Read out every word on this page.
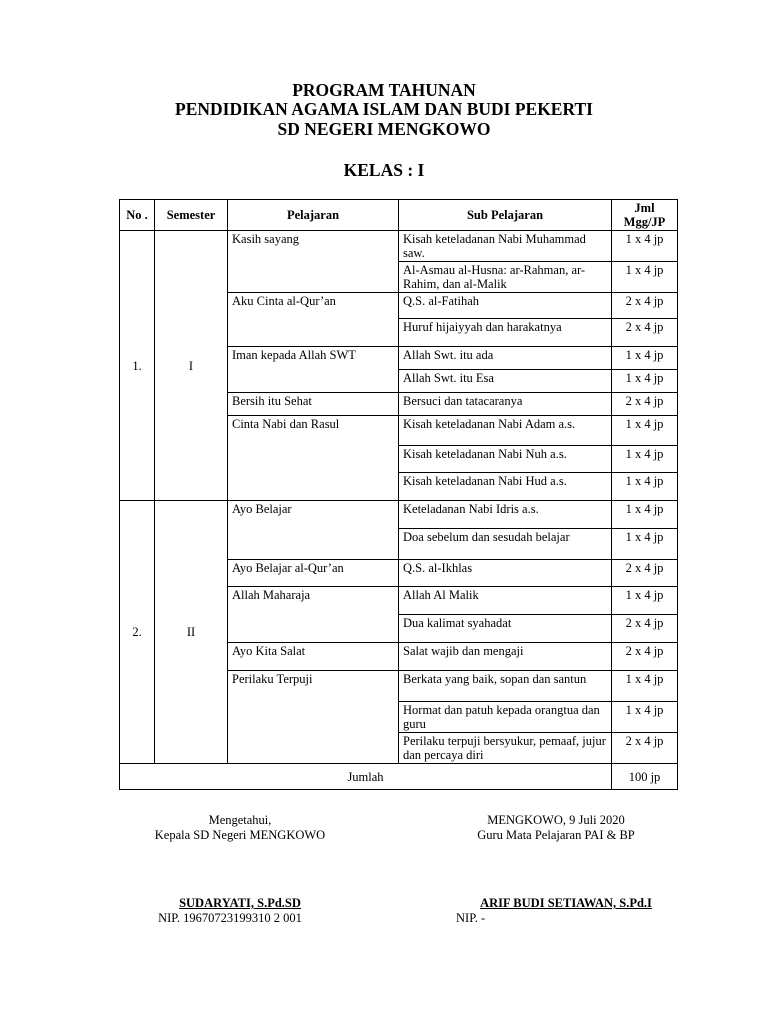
PROGRAM TAHUNAN
PENDIDIKAN AGAMA ISLAM DAN BUDI PEKERTI
SD NEGERI MENGKOWO
KELAS : I
No .	Semester	Pelajaran	Sub Pelajaran	Jml Mgg/JP
1.	I	Kasih sayang	Kisah keteladanan Nabi Muhammad saw.	1 x 4 jp
			Al-Asmau al-Husna: ar-Rahman, ar-Rahim, dan al-Malik	1 x 4 jp
		Aku Cinta al-Qur’an	Q.S. al-Fatihah	2 x 4 jp
			Huruf hijaiyyah dan harakatnya	2 x 4 jp
		Iman kepada Allah SWT	Allah Swt. itu ada	1 x 4 jp
			Allah Swt. itu Esa	1 x 4 jp
		Bersih itu Sehat	Bersuci dan tatacaranya	2 x 4 jp
		Cinta Nabi dan Rasul	Kisah keteladanan Nabi Adam a.s.	1 x 4 jp
			Kisah keteladanan Nabi Nuh a.s.	1 x 4 jp
			Kisah keteladanan Nabi Hud a.s.	1 x 4 jp
2.	II	Ayo Belajar	Keteladanan Nabi Idris a.s.	1 x 4 jp
			Doa sebelum dan sesudah belajar	1 x 4 jp
		Ayo Belajar al-Qur’an	Q.S. al-Ikhlas	2 x 4 jp
		Allah Maharaja	Allah Al Malik	1 x 4 jp
			Dua kalimat syahadat	2 x 4 jp
		Ayo Kita Salat	Salat wajib dan mengaji	2 x 4 jp
		Perilaku Terpuji	Berkata yang baik, sopan dan santun	1 x 4 jp
			Hormat dan patuh kepada orangtua dan guru	1 x 4 jp
			Perilaku terpuji bersyukur, pemaaf, jujur dan percaya diri	2 x 4 jp
Jumlah				100 jp
Mengetahui,
Kepala SD Negeri MENGKOWO
SUDARYATI, S.Pd.SD
NIP. 19670723199310 2 001
MENGKOWO, 9 Juli 2020
Guru Mata Pelajaran PAI & BP
ARIF BUDI SETIAWAN, S.Pd.I
NIP. -
